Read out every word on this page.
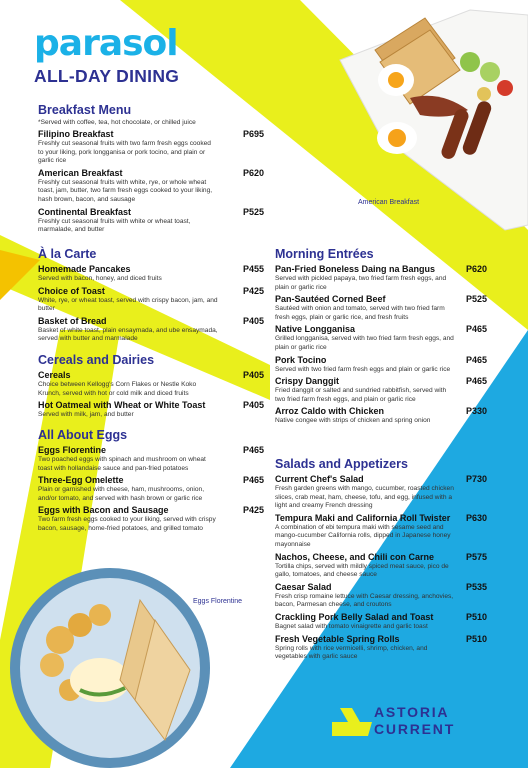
parasol
ALL-DAY DINING
Breakfast Menu
*Served with coffee, tea, hot chocolate, or chilled juice
Filipino Breakfast	P695
Freshly cut seasonal fruits with two farm fresh eggs cooked to your liking, pork longganisa or pork tocino, and plain or garlic rice
American Breakfast	P620
Freshly cut seasonal fruits with white, rye, or whole wheat toast, jam, butter, two farm fresh eggs cooked to your liking, hash brown, bacon, and sausage
Continental Breakfast	P525
Freshly cut seasonal fruits with white or wheat toast, marmalade, and butter
À la Carte
Homemade Pancakes	P455
Served with bacon, honey, and diced fruits
Choice of Toast	P425
White, rye, or wheat toast, served with crispy bacon, jam, and butter
Basket of Bread	P405
Basket of white toast, plain ensaymada, and ube ensaymada, served with butter and marmalade
Cereals and Dairies
Cereals	P405
Choice between Kellogg's Corn Flakes or Nestle Koko Krunch, served with hot or cold milk and diced fruits
Hot Oatmeal with Wheat or White Toast	P405
Served with milk, jam, and butter
All About Eggs
Eggs Florentine	P465
Two poached eggs with spinach and mushroom on wheat toast with hollandaise sauce and pan-fried potatoes
Three-Egg Omelette	P465
Plain or garnished with cheese, ham, mushrooms, onion, and/or tomato, and served with hash brown or garlic rice
Eggs with Bacon and Sausage	P425
Two farm fresh eggs cooked to your liking, served with crispy bacon, sausage, home-fried potatoes, and grilled tomato
Morning Entrées
Pan-Fried Boneless Daing na Bangus	P620
Served with pickled papaya, two fried farm fresh eggs, and plain or garlic rice
Pan-Sautéed Corned Beef	P525
Sautéed with onion and tomato, served with two fried farm fresh eggs, plain or garlic rice, and fresh fruits
Native Longganisa	P465
Grilled longganisa, served with two fried farm fresh eggs, and plain or garlic rice
Pork Tocino	P465
Served with two fried farm fresh eggs and plain or garlic rice
Crispy Danggit	P465
Fried danggit or salted and sundried rabbitfish, served with two fried farm fresh eggs, and plain or garlic rice
Arroz Caldo with Chicken	P330
Native congee with strips of chicken and spring onion
Salads and Appetizers
Current Chef's Salad	P730
Fresh garden greens with mango, cucumber, roasted chicken slices, crab meat, ham, cheese, tofu, and egg, infused with a light and creamy French dressing
Tempura Maki and California Roll Twister P630
A combination of ebi tempura maki with sesame seed and mango-cucumber California rolls, dipped in Japanese honey mayonnaise
Nachos, Cheese, and Chili con Carne	P575
Tortilla chips, served with mildly spiced meat sauce, pico de gallo, tomatoes, and cheese sauce
Caesar Salad	P535
Fresh crisp romaine lettuce with Caesar dressing, anchovies, bacon, Parmesan cheese, and croutons
Crackling Pork Belly Salad and Toast	P510
Bagnet salad with tomato vinaigrette and garlic toast
Fresh Vegetable Spring Rolls	P510
Spring rolls with rice vermicelli, shrimp, chicken, and vegetables with garlic sauce
American Breakfast
Eggs Florentine
ASTORIA
CURRENT
